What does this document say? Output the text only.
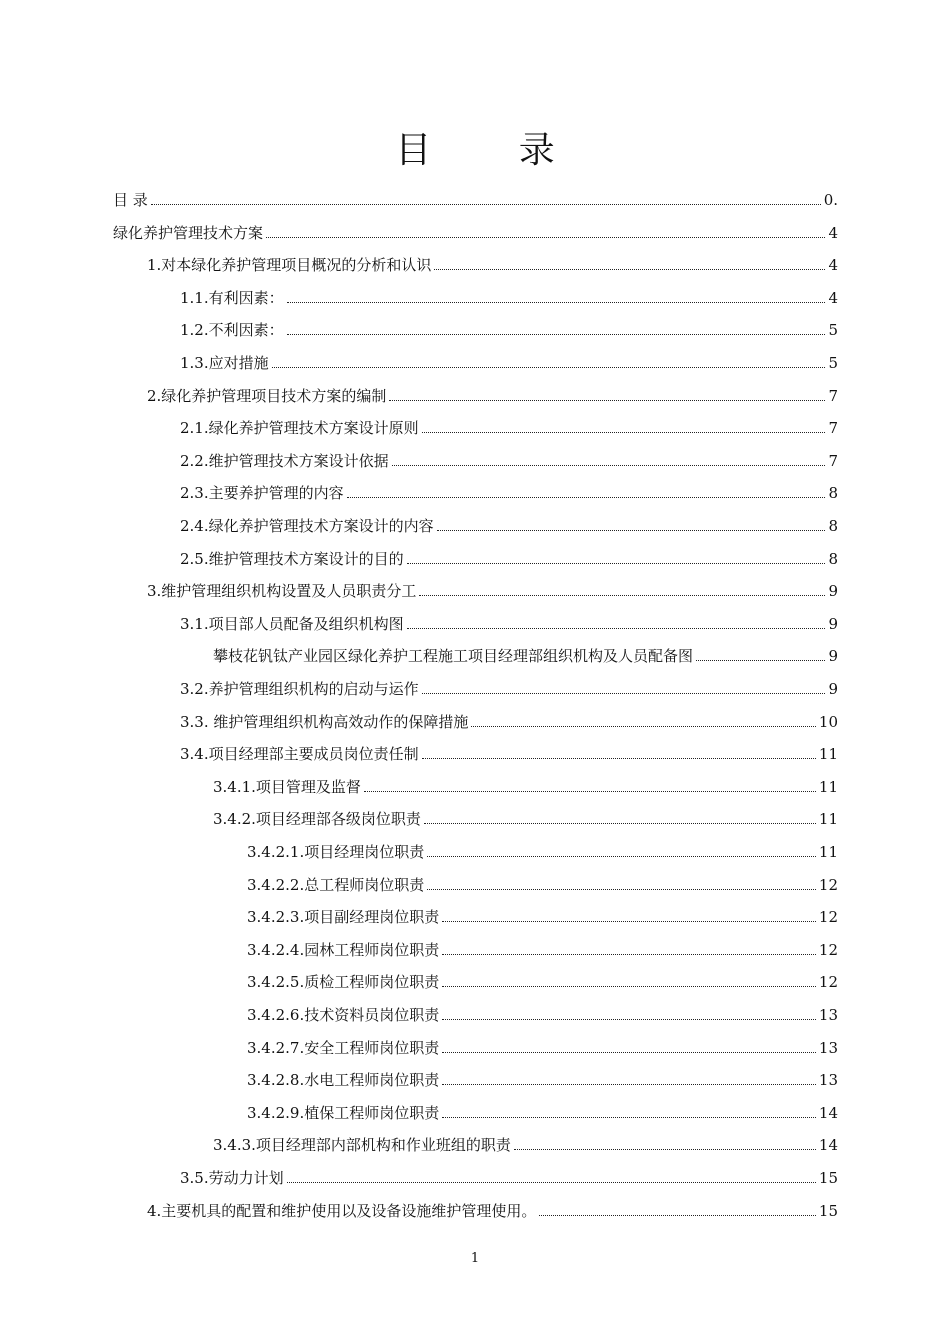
目 录
目 录	0.
绿化养护管理技术方案	4
1.对本绿化养护管理项目概况的分析和认识	4
1.1.有利因素：	4
1.2.不利因素：	5
1.3.应对措施	5
2.绿化养护管理项目技术方案的编制	7
2.1.绿化养护管理技术方案设计原则	7
2.2.维护管理技术方案设计依据	7
2.3.主要养护管理的内容	8
2.4.绿化养护管理技术方案设计的内容	8
2.5.维护管理技术方案设计的目的	8
3.维护管理组织机构设置及人员职责分工	9
3.1.项目部人员配备及组织机构图	9
攀枝花钒钛产业园区绿化养护工程施工项目经理部组织机构及人员配备图	9
3.2.养护管理组织机构的启动与运作	9
3.3. 维护管理组织机构高效动作的保障措施	10
3.4.项目经理部主要成员岗位责任制	11
3.4.1.项目管理及监督	11
3.4.2.项目经理部各级岗位职责	11
3.4.2.1.项目经理岗位职责	11
3.4.2.2.总工程师岗位职责	12
3.4.2.3.项目副经理岗位职责	12
3.4.2.4.园林工程师岗位职责	12
3.4.2.5.质检工程师岗位职责	12
3.4.2.6.技术资料员岗位职责	13
3.4.2.7.安全工程师岗位职责	13
3.4.2.8.水电工程师岗位职责	13
3.4.2.9.植保工程师岗位职责	14
3.4.3.项目经理部内部机构和作业班组的职责	14
3.5.劳动力计划	15
4.主要机具的配置和维护使用以及设备设施维护管理使用。	15
1
